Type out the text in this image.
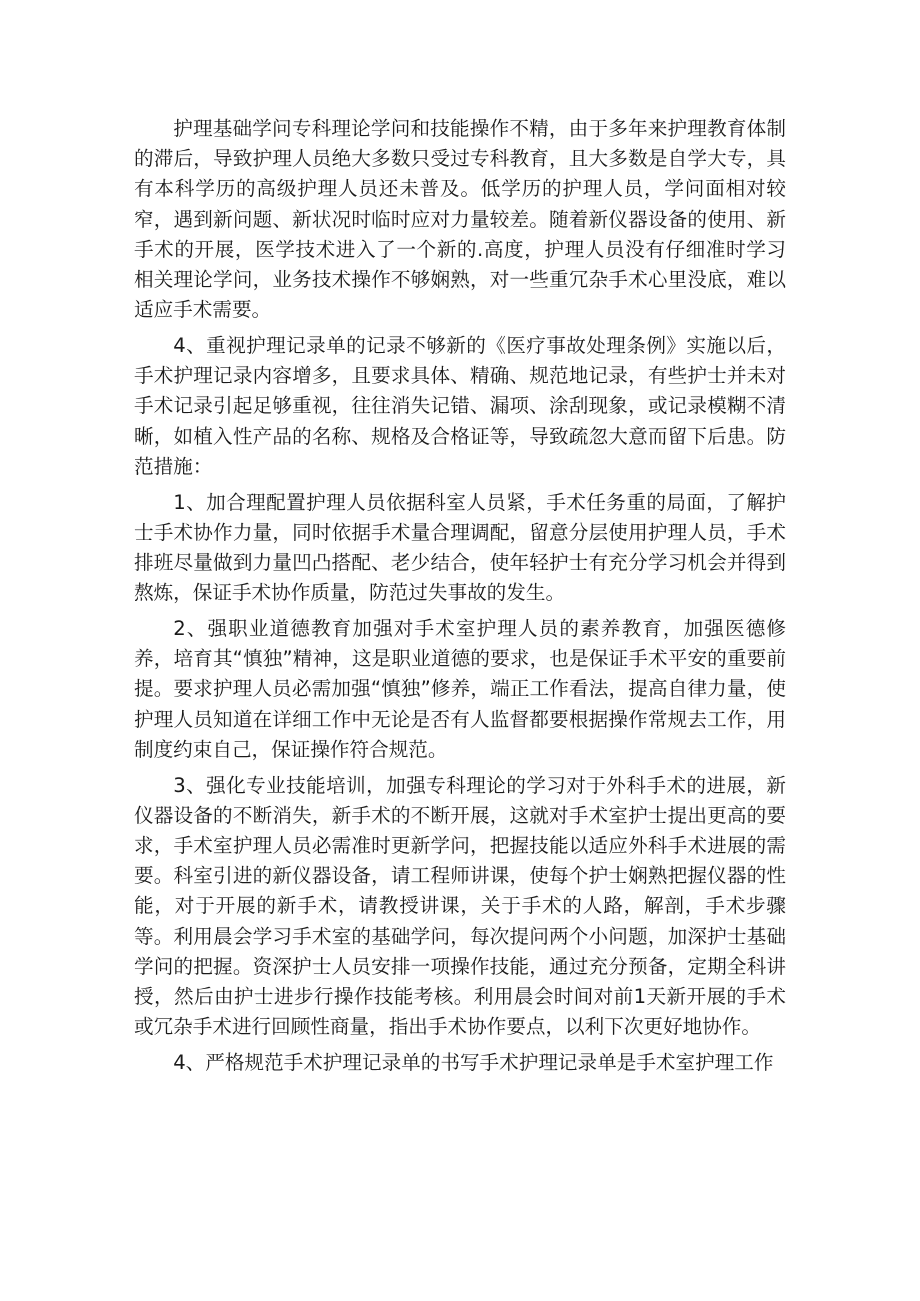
护理基础学问专科理论学问和技能操作不精，由于多年来护理教育体制的滞后，导致护理人员绝大多数只受过专科教育，且大多数是自学大专，具有本科学历的高级护理人员还未普及。低学历的护理人员，学问面相对较窄，遇到新问题、新状况时临时应对力量较差。随着新仪器设备的使用、新手术的开展，医学技术进入了一个新的.高度，护理人员没有仔细准时学习相关理论学问，业务技术操作不够娴熟，对一些重冗杂手术心里没底，难以适应手术需要。

4、重视护理记录单的记录不够新的《医疗事故处理条例》实施以后，手术护理记录内容增多，且要求具体、精确、规范地记录，有些护士并未对手术记录引起足够重视，往往消失记错、漏项、涂刮现象，或记录模糊不清晰，如植入性产品的名称、规格及合格证等，导致疏忽大意而留下后患。防范措施：

1、加合理配置护理人员依据科室人员紧，手术任务重的局面，了解护士手术协作力量，同时依据手术量合理调配，留意分层使用护理人员，手术排班尽量做到力量凹凸搭配、老少结合，使年轻护士有充分学习机会并得到熬炼，保证手术协作质量，防范过失事故的发生。

2、强职业道德教育加强对手术室护理人员的素养教育，加强医德修养，培育其“慎独”精神，这是职业道德的要求，也是保证手术平安的重要前提。要求护理人员必需加强“慎独”修养，端正工作看法，提高自律力量，使护理人员知道在详细工作中无论是否有人监督都要根据操作常规去工作，用制度约束自己，保证操作符合规范。

3、强化专业技能培训，加强专科理论的学习对于外科手术的进展，新仪器设备的不断消失，新手术的不断开展，这就对手术室护士提出更高的要求，手术室护理人员必需准时更新学问，把握技能以适应外科手术进展的需要。科室引进的新仪器设备，请工程师讲课，使每个护士娴熟把握仪器的性能，对于开展的新手术，请教授讲课，关于手术的人路，解剖，手术步骤等。利用晨会学习手术室的基础学问，每次提问两个小问题，加深护士基础学问的把握。资深护士人员安排一项操作技能，通过充分预备，定期全科讲授，然后由护士进步行操作技能考核。利用晨会时间对前1天新开展的手术或冗杂手术进行回顾性商量，指出手术协作要点，以利下次更好地协作。

4、严格规范手术护理记录单的书写手术护理记录单是手术室护理工作
